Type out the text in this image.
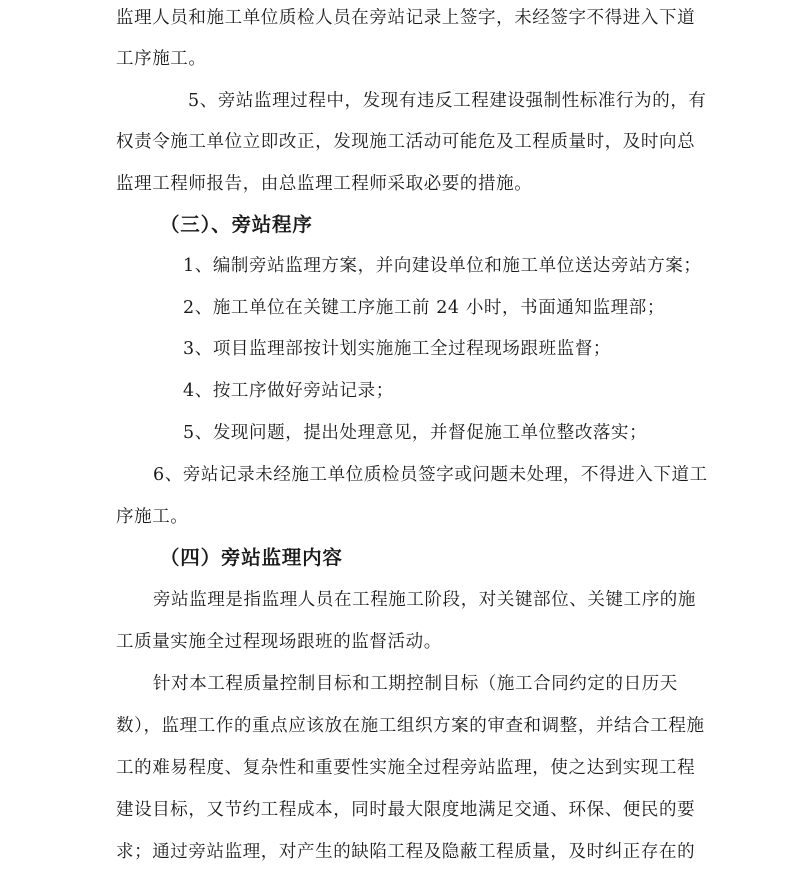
监理人员和施工单位质检人员在旁站记录上签字，未经签字不得进入下道
工序施工。
5、旁站监理过程中，发现有违反工程建设强制性标准行为的，有
权责令施工单位立即改正，发现施工活动可能危及工程质量时，及时向总
监理工程师报告，由总监理工程师采取必要的措施。
（三）、旁站程序
1、编制旁站监理方案，并向建设单位和施工单位送达旁站方案；
2、施工单位在关键工序施工前 24 小时，书面通知监理部；
3、项目监理部按计划实施施工全过程现场跟班监督；
4、按工序做好旁站记录；
5、发现问题，提出处理意见，并督促施工单位整改落实；
6、旁站记录未经施工单位质检员签字或问题未处理，不得进入下道工
序施工。
（四）旁站监理内容
旁站监理是指监理人员在工程施工阶段，对关键部位、关键工序的施
工质量实施全过程现场跟班的监督活动。
针对本工程质量控制目标和工期控制目标（施工合同约定的日历天
数），监理工作的重点应该放在施工组织方案的审查和调整，并结合工程施
工的难易程度、复杂性和重要性实施全过程旁站监理，使之达到实现工程
建设目标，又节约工程成本，同时最大限度地满足交通、环保、便民的要
求；通过旁站监理，对产生的缺陷工程及隐蔽工程质量，及时纠正存在的
